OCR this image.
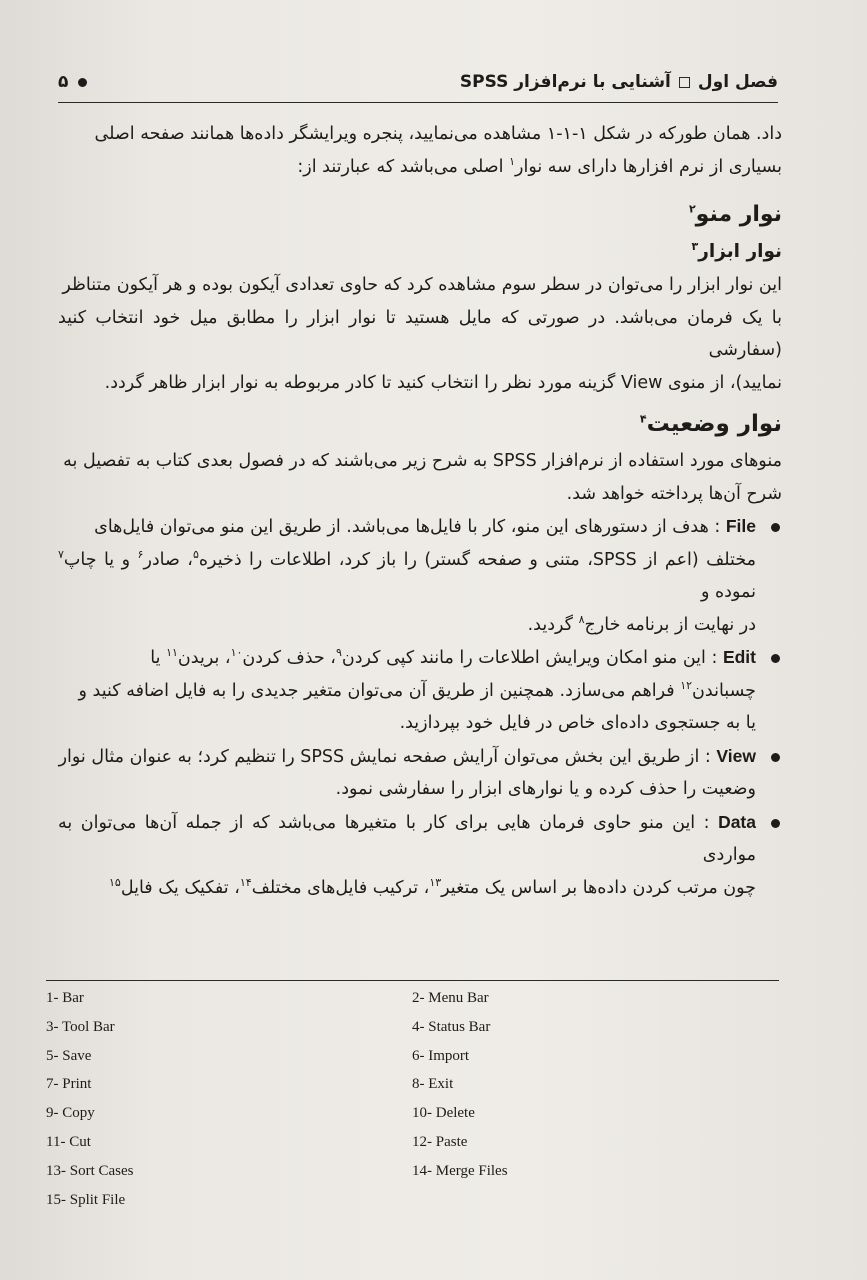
فصل اول
آشنایی با نرم‌افزار SPSS
۵

داد. همان طورکه در شکل ۱-۱-۱ مشاهده می‌نمایید، پنجره ویرایشگر داده‌ها همانند صفحه اصلی

بسیاری از نرم افزارها دارای سه نوار$^۱$ اصلی می‌باشد که عبارتند از:

نوار منو$^۲$
نوار ابزار$^۳$

این نوار ابزار را می‌توان در سطر سوم مشاهده کرد که حاوی تعدادی آیکون بوده و هر آیکون متناظر

با یک فرمان می‌باشد. در صورتی که مایل هستید تا نوار ابزار را مطابق میل خود انتخاب کنید (سفارشی

نمایید)، از منوی View گزینه مورد نظر را انتخاب کنید تا کادر مربوطه به نوار ابزار ظاهر گردد.

نوار وضعیت$^۴$

منوهای مورد استفاده از نرم‌افزار SPSS به شرح زیر می‌باشند که در فصول بعدی کتاب به تفصیل به

شرح آن‌ها پرداخته خواهد شد.

File : هدف از دستورهای این منو، کار با فایل‌ها می‌باشد. از طریق این منو می‌توان فایل‌های

مختلف (اعم از SPSS، متنی و صفحه گستر) را باز کرد، اطلاعات را ذخیره$^۵$، صادر$^۶$ و یا چاپ$^۷$ نموده و

در نهایت از برنامه خارج$^۸$ گردید.

Edit : این منو امکان ویرایش اطلاعات را مانند کپی کردن$^۹$، حذف کردن$^{۱۰}$، بریدن$^{۱۱}$ یا

چسباندن$^{۱۲}$ فراهم می‌سازد. همچنین از طریق آن می‌توان متغیر جدیدی را به فایل اضافه کنید و

یا به جستجوی داده‌ای خاص در فایل خود بپردازید.

View : از طریق این بخش می‌توان آرایش صفحه نمایش SPSS را تنظیم کرد؛ به عنوان مثال نوار

وضعیت را حذف کرده و یا نوارهای ابزار را سفارشی نمود.

Data : این منو حاوی فرمان هایی برای کار با متغیرها می‌باشد که از جمله آن‌ها می‌توان به مواردی

چون مرتب کردن داده‌ها بر اساس یک متغیر$^{۱۳}$، ترکیب فایل‌های مختلف$^{۱۴}$، تفکیک یک فایل$^{۱۵}$

1- Bar
3- Tool Bar
5- Save
7- Print
9- Copy
11- Cut
13- Sort Cases
15- Split File
2- Menu Bar
4- Status Bar
6- Import
8- Exit
10- Delete
12- Paste
14- Merge Files
